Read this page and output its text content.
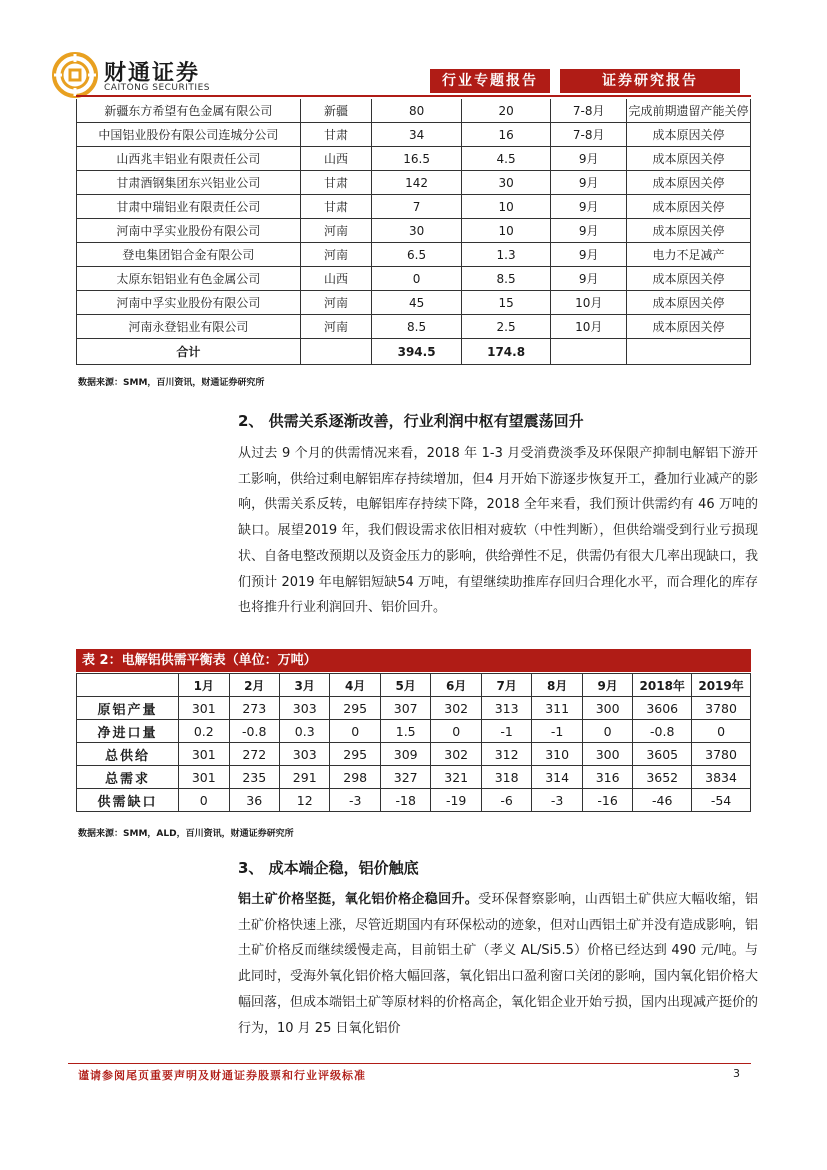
财通证券
CAITONG SECURITIES	行业专题报告	证券研究报告
新疆东方希望有色金属有限公司	新疆	80	20	7-8月	完成前期遗留产能关停
中国铝业股份有限公司连城分公司	甘肃	34	16	7-8月	成本原因关停
山西兆丰铝业有限责任公司	山西	16.5	4.5	9月	成本原因关停
甘肃酒钢集团东兴铝业公司	甘肃	142	30	9月	成本原因关停
甘肃中瑞铝业有限责任公司	甘肃	7	10	9月	成本原因关停
河南中孚实业股份有限公司	河南	30	10	9月	成本原因关停
登电集团铝合金有限公司	河南	6.5	1.3	9月	电力不足减产
太原东铝铝业有色金属公司	山西	0	8.5	9月	成本原因关停
河南中孚实业股份有限公司	河南	45	15	10月	成本原因关停
河南永登铝业有限公司	河南	8.5	2.5	10月	成本原因关停
合计		394.5	174.8		
数据来源：SMM，百川资讯，财通证券研究所
2、 供需关系逐渐改善，行业利润中枢有望震荡回升
从过去 9 个月的供需情况来看，2018 年 1-3 月受消费淡季及环保限产抑制电解铝下游开工影响，供给过剩电解铝库存持续增加，但4 月开始下游逐步恢复开工，叠加行业减产的影响，供需关系反转，电解铝库存持续下降，2018 全年来看，我们预计供需约有 46 万吨的缺口。展望2019 年，我们假设需求依旧相对疲软（中性判断），但供给端受到行业亏损现状、自备电整改预期以及资金压力的影响，供给弹性不足，供需仍有很大几率出现缺口，我们预计 2019 年电解铝短缺54 万吨，有望继续助推库存回归合理化水平，而合理化的库存也将推升行业利润回升、铝价回升。
表 2：电解铝供需平衡表（单位：万吨）
	1月	2月	3月	4月	5月	6月	7月	8月	9月	2018年	2019年
原铝产量	301	273	303	295	307	302	313	311	300	3606	3780
净进口量	0.2	-0.8	0.3	0	1.5	0	-1	-1	0	-0.8	0
总供给	301	272	303	295	309	302	312	310	300	3605	3780
总需求	301	235	291	298	327	321	318	314	316	3652	3834
供需缺口	0	36	12	-3	-18	-19	-6	-3	-16	-46	-54
数据来源：SMM，ALD，百川资讯，财通证券研究所
3、 成本端企稳，铝价触底
铝土矿价格坚挺，氧化铝价格企稳回升。受环保督察影响，山西铝土矿供应大幅收缩，铝土矿价格快速上涨，尽管近期国内有环保松动的迹象，但对山西铝土矿并没有造成影响，铝土矿价格反而继续缓慢走高，目前铝土矿（孝义 AL/Si5.5）价格已经达到 490 元/吨。与此同时，受海外氧化铝价格大幅回落，氧化铝出口盈利窗口关闭的影响，国内氧化铝价格大幅回落，但成本端铝土矿等原材料的价格高企，氧化铝企业开始亏损，国内出现减产挺价的行为，10 月 25 日氧化铝价
谨请参阅尾页重要声明及财通证券股票和行业评级标准	3
